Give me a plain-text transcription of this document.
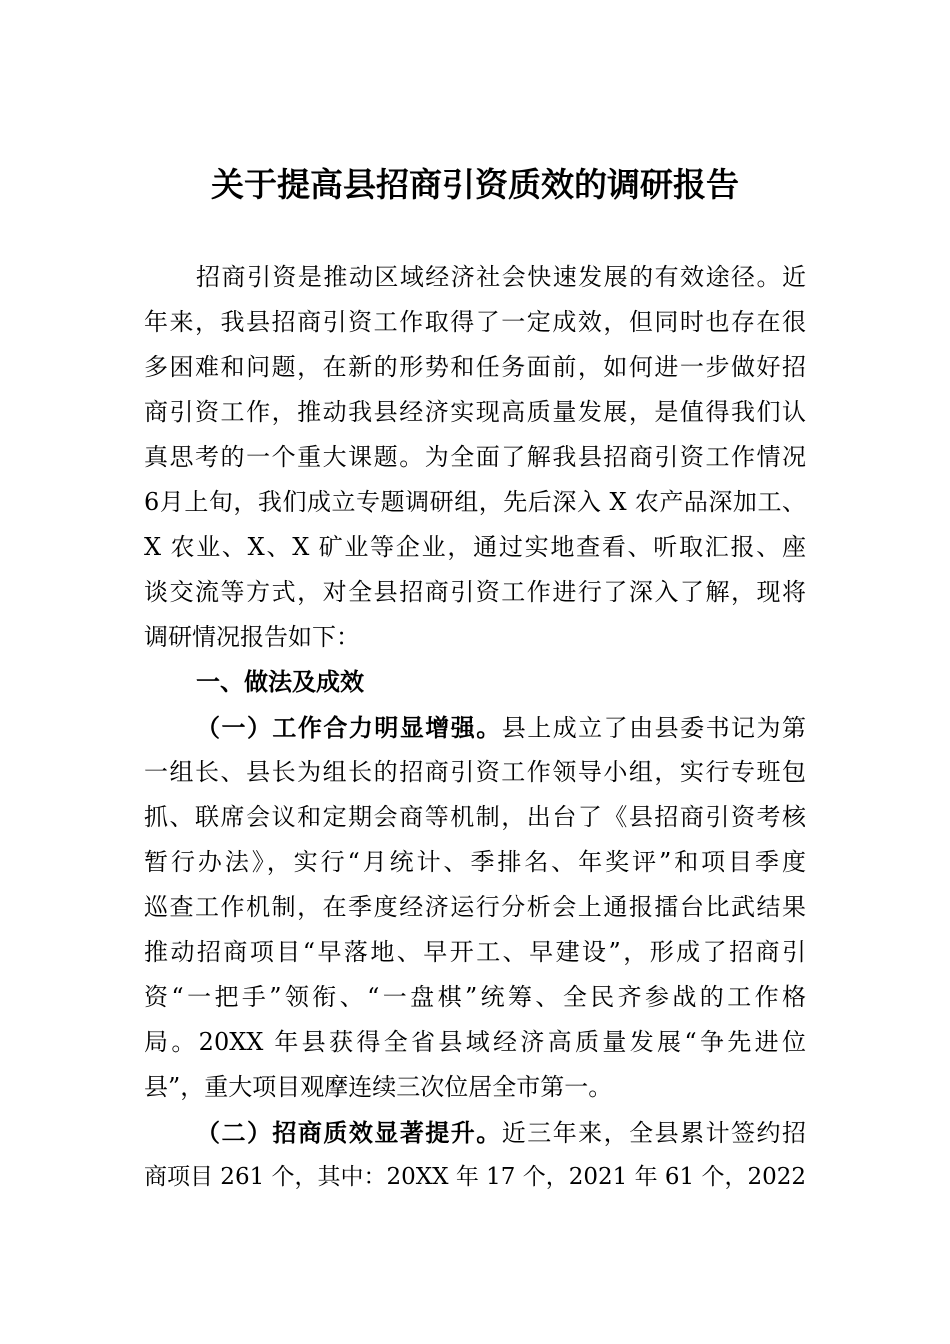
关于提高县招商引资质效的调研报告
招商引资是推动区域经济社会快速发展的有效途径。近
年来，我县招商引资工作取得了一定成效，但同时也存在很
多困难和问题，在新的形势和任务面前，如何进一步做好招
商引资工作，推动我县经济实现高质量发展，是值得我们认
真思考的一个重大课题。为全面了解我县招商引资工作情况
6月上旬，我们成立专题调研组，先后深入 X 农产品深加工、
X 农业、X、X 矿业等企业，通过实地查看、听取汇报、座
谈交流等方式，对全县招商引资工作进行了深入了解，现将
调研情况报告如下：
一、做法及成效
（一）工作合力明显增强。县上成立了由县委书记为第
一组长、县长为组长的招商引资工作领导小组，实行专班包
抓、联席会议和定期会商等机制，出台了《县招商引资考核
暂行办法》，实行“月统计、季排名、年奖评”和项目季度
巡查工作机制，在季度经济运行分析会上通报擂台比武结果
推动招商项目“早落地、早开工、早建设”，形成了招商引
资“一把手”领衔、“一盘棋”统筹、全民齐参战的工作格
局。20XX 年县获得全省县域经济高质量发展“争先进位
县”，重大项目观摩连续三次位居全市第一。
（二）招商质效显著提升。近三年来，全县累计签约招
商项目 261 个，其中：20XX 年 17 个，2021 年 61 个，2022
